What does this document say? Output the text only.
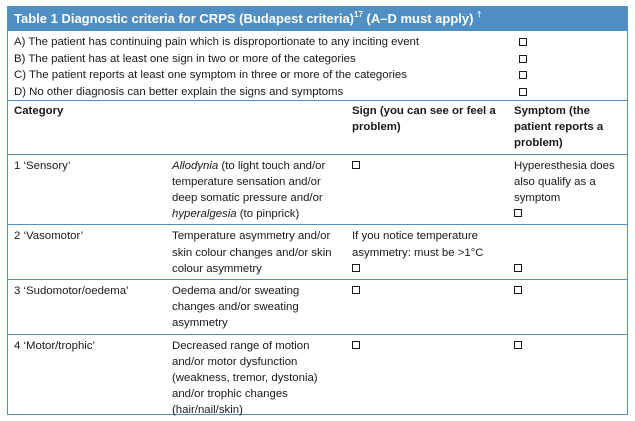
Table 1 Diagnostic criteria for CRPS (Budapest criteria)$^{17}$ (A–D must apply) †
A) The patient has continuing pain which is disproportionate to any inciting event
B) The patient has at least one sign in two or more of the categories
C) The patient reports at least one symptom in three or more of the categories
D) No other diagnosis can better explain the signs and symptoms
Category		Sign (you can see or feel a problem)	Symptom (the patient reports a problem)
1 ‘Sensory’	Allodynia (to light touch and/or temperature sensation and/or deep somatic pressure and/or hyperalgesia (to pinprick)		Hyperesthesia does also qualify as a symptom

2 ‘Vasomotor’	Temperature asymmetry and/or skin colour changes and/or skin colour asymmetry	If you notice temperature asymmetry: must be >1°C	

3 ‘Sudomotor/oedema’	Oedema and/or sweating changes and/or sweating asymmetry		
4 ‘Motor/trophic’	Decreased range of motion and/or motor dysfunction (weakness, tremor, dystonia) and/or trophic changes (hair/nail/skin)		
